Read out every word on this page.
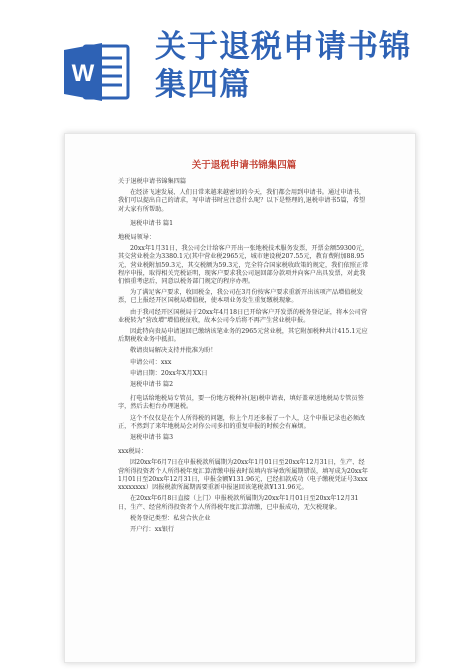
W
关于退税申请书锦
集四篇
关于退税申请书锦集四篇

关于退税申请书锦集四篇

在经济飞速发展、人们日常来越来越密切的今天，我们都会用到申请书。通过申请书，我们可以提出自己的请求，写申请书时应注意什么呢？以下是整理的,退税申请书5篇，希望对大家有所帮助。

退税申请书 篇1

地税局领导：

20xx年1月31日，我公司会计给客户开出一张地税技术服务发票，开票金额59300元，其交营业税金为3380.1元(其中营业税2965元，城市建设税207.55元，教育费附加88.95元，营业税附加59.3元，其交税额为59.3元，完全符合国家税收政策的规定，我们依照正常程序申报，取得相关完税证明，现客户要求我公司退回部分款项并向客户出具发票，对此我们慎重考虑后，同意以税务部门规定的程序办理。

为了满足客户要求，收回税金，我公司在3月份按客户要求重新开出该项产品增值税发票，已上报经开区国税局增值税，使本项业务发生重复缴税现象。

由于我司经开区国税局于20xx年4月18日已开给客户开发票的税务登记证，将本公司营业税转为"营改增"增值税征收，故本公司今后将不再产生营业税申报。

因此特向贵局申请退回已缴纳该笔业务的2965元营业税，其它附加税种共计415.1元应后期税收业务中抵扣。

敬请贵局解决支持并批准为盼！

申请公司：xxx

申请日期：20xx年X月XX日

退税申请书 篇2

打电话给地税局专管员，要一份地方税种补(退)税申请表，填好盖章送地税局专管员签字，然后去柜台办理退税。

这个不仅仅是在个人所得税的问题，你上个月还多报了一个人，这个申报记录也必须改正，不然到了来年地税局会对你公司多扣的重复申报的时候会有麻烦。

退税申请书 篇3

xxx税局：

因20xx年6月7日在申报税款所属期为20xx年1月01日至20xx年12月31日，生产、经营所得投资者个人所得税年度汇算清缴申报表时误填内容导致所属期错误，填写成为20xx年1月01日至20xx年12月31日，申报金额¥131.96元，已经扣款成功（电子缴税凭证号3xxxxxxxxxxx）因报税款所属期需要重新申报退回该笔税款¥131.96元。

在20xx年6月8日直接（上门）申报税款所属期为20xx年1月01日至20xx年12月31日，生产、经营所得投资者个人所得税年度汇算清缴，已申报成功，无欠税现象。

税务登记类型：私营合伙企业

开户行：xx银行
